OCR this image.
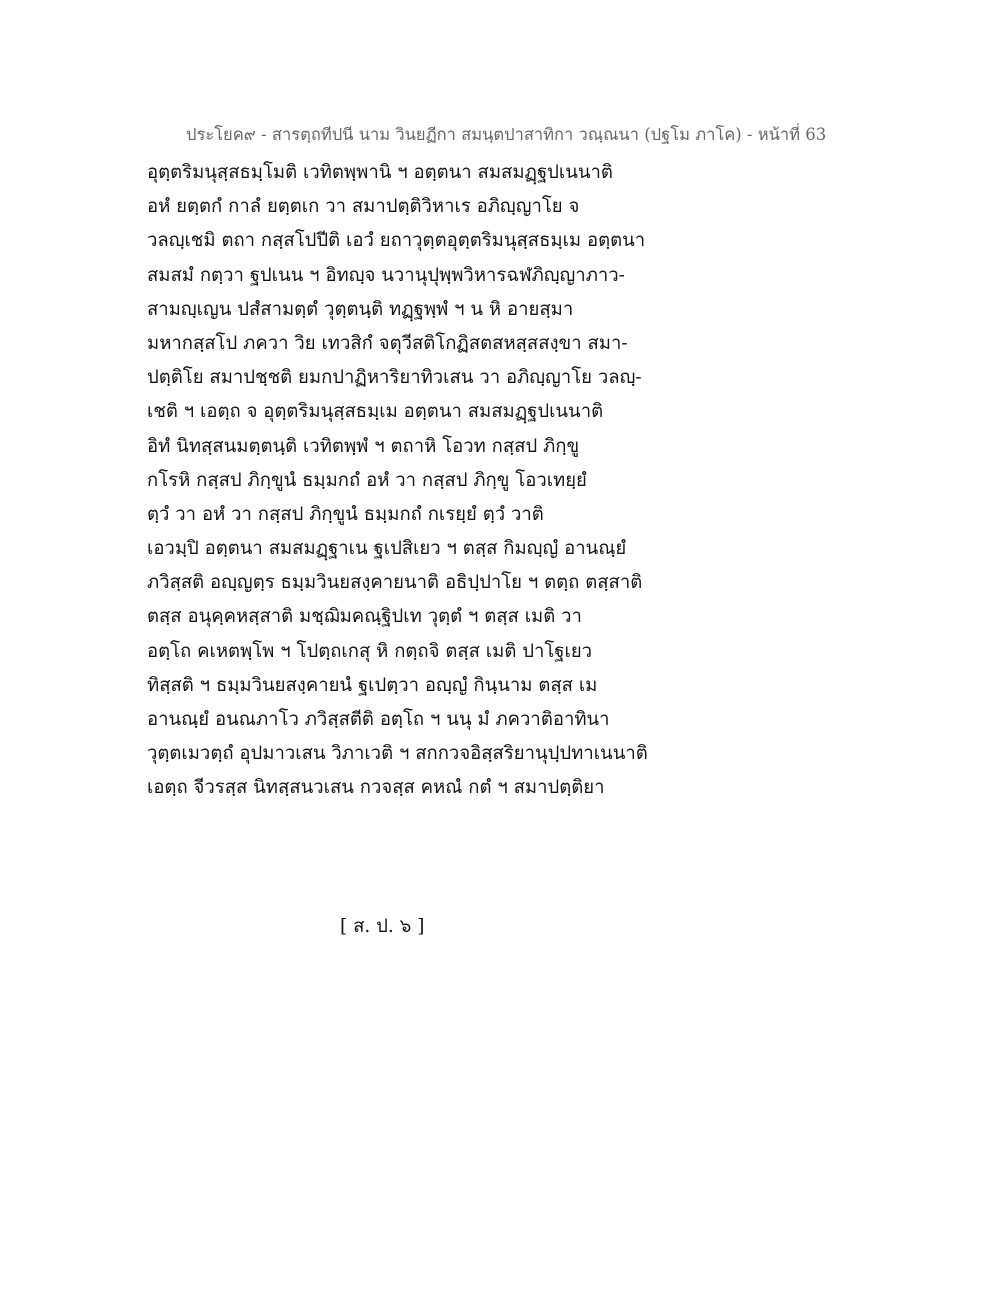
ประโยค๙ - สารตฺถทีปนี นาม วินยฏีกา สมนฺตปาสาทิกา วณฺณนา (ปฐโม ภาโค) - หน้าที่ 63
อุตฺตริมนุสฺสธมฺโมติ เวทิตพฺพานิ ฯ อตฺตนา สมสมฏฺฐปเนนาติ
อหํ ยตฺตกํ กาลํ ยตฺตเก วา สมาปตฺติวิหาเร อภิญฺญาโย จ
วลญฺเชมิ ตถา กสฺสโปปีติ เอวํ ยถาวุตฺตอุตฺตริมนุสฺสธมฺเม อตฺตนา
สมสมํ กตฺวา ฐปเนน ฯ อิทญฺจ นวานุปุพฺพวิหารฉฬภิญฺญาภาว-
สามญฺเญน ปสํสามตฺตํ วุตฺตนฺติ ทฏฺฐพฺพํ ฯ น หิ อายสฺมา
มหากสฺสโป ภควา วิย เทวสิกํ จตุวีสติโกฏิสตสหสฺสสงฺขา สมา-
ปตฺติโย สมาปชฺชติ ยมกปาฏิหาริยาทิวเสน วา อภิญฺญาโย วลญฺ-
เชติ ฯ เอตฺถ จ อุตฺตริมนุสฺสธมฺเม อตฺตนา สมสมฏฺฐปเนนาติ
อิทํ นิทสฺสนมตฺตนฺติ เวทิตพฺพํ ฯ ตถาหิ โอวท กสฺสป ภิกฺขู
กโรหิ กสฺสป ภิกฺขูนํ ธมฺมกถํ อหํ วา กสฺสป ภิกฺขู โอวเทยฺยํ
ตฺวํ วา อหํ วา กสฺสป ภิกฺขูนํ ธมฺมกถํ กเรยฺยํ ตฺวํ วาติ
เอวมฺปิ อตฺตนา สมสมฏฺฐาเน ฐเปสิเยว ฯ ตสฺส กิมญฺญํ อานณฺยํ
ภวิสฺสติ อญฺญตฺร ธมฺมวินยสงฺคายนาติ อธิปฺปาโย ฯ ตตฺถ ตสฺสาติ
ตสฺส อนุคฺคหสฺสาติ มชฺฌิมคณฺฐิปเท วุตฺตํ ฯ ตสฺส เมติ วา
อตฺโถ คเหตพฺโพ ฯ โปตฺถเกสุ หิ กตฺถจิ ตสฺส เมติ ปาโฐเยว
ทิสฺสติ ฯ ธมฺมวินยสงฺคายนํ ฐเปตฺวา อญฺญํ กินฺนาม ตสฺส เม
อานณฺยํ อนณภาโว ภวิสฺสตีติ อตฺโถ ฯ นนุ มํ ภควาติอาทินา
วุตฺตเมวตฺถํ อุปมาวเสน วิภาเวติ ฯ สกกวจอิสฺสริยานุปฺปทาเนนาติ
เอตฺถ จีวรสฺส นิทสฺสนวเสน กวจสฺส คหณํ กตํ ฯ สมาปตฺติยา
[ ส. ป. ๖ ]
